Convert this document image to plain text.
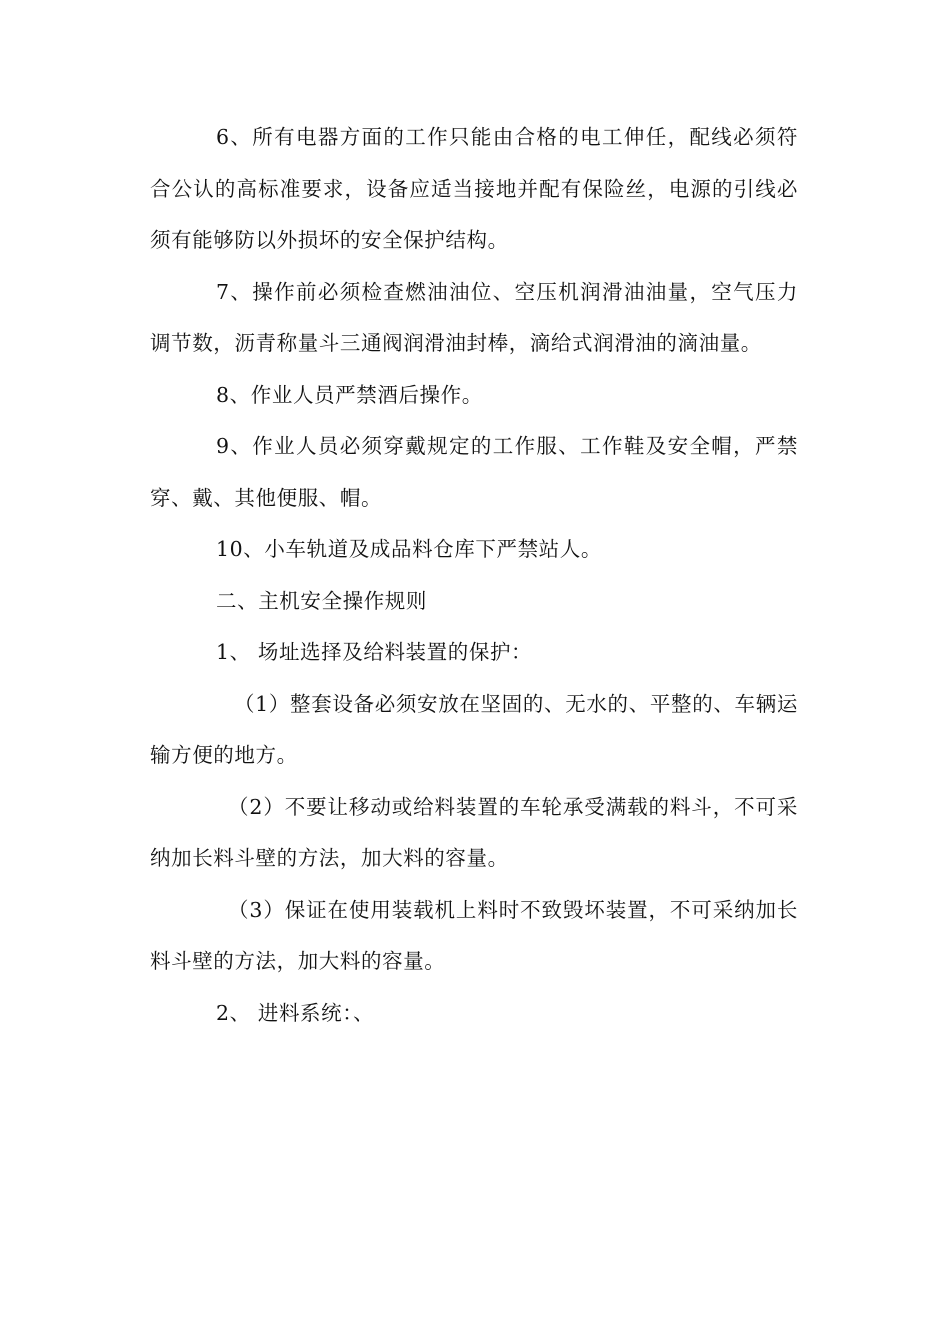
6、所有电器方面的工作只能由合格的电工伸任，配线必须符合公认的高标准要求，设备应适当接地并配有保险丝，电源的引线必须有能够防以外损坏的安全保护结构。

7、操作前必须检查燃油油位、空压机润滑油油量，空气压力调节数，沥青称量斗三通阀润滑油封棒，滴给式润滑油的滴油量。

8、作业人员严禁酒后操作。

9、作业人员必须穿戴规定的工作服、工作鞋及安全帽，严禁穿、戴、其他便服、帽。

10、小车轨道及成品料仓库下严禁站人。

二、主机安全操作规则

1、 场址选择及给料装置的保护：

（1）整套设备必须安放在坚固的、无水的、平整的、车辆运输方便的地方。

（2）不要让移动或给料装置的车轮承受满载的料斗，不可采纳加长料斗壁的方法，加大料的容量。

（3）保证在使用装载机上料时不致毁坏装置，不可采纳加长料斗壁的方法，加大料的容量。

2、 进料系统：、
